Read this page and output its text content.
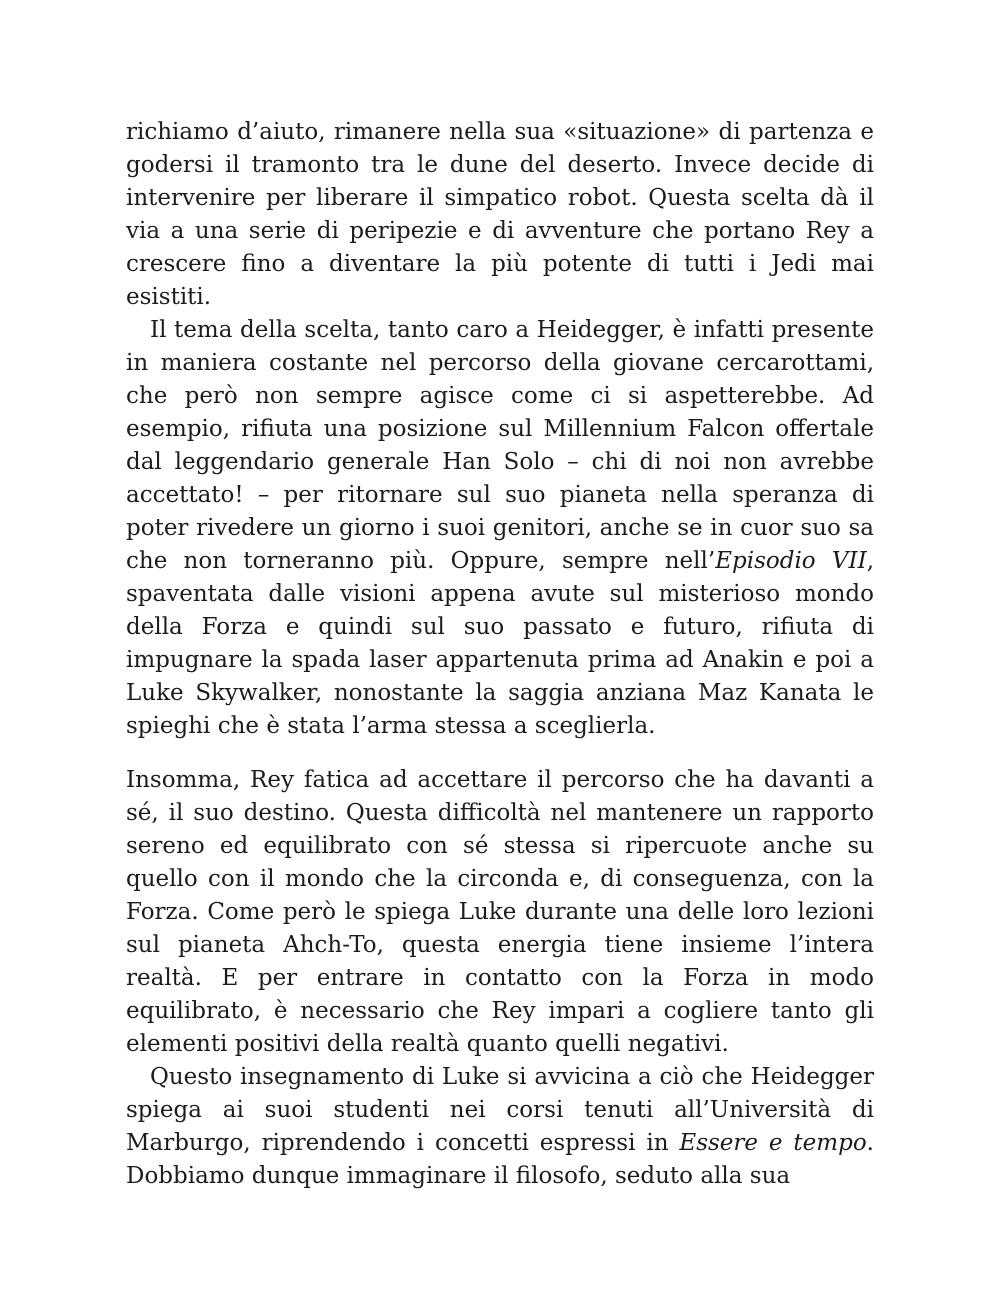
richiamo d’aiuto, rimanere nella sua «situazione» di partenza e godersi il tramonto tra le dune del deserto. Invece decide di intervenire per liberare il simpatico robot. Questa scelta dà il via a una serie di peripezie e di avventure che portano Rey a crescere fino a diventare la più potente di tutti i Jedi mai esistiti.

Il tema della scelta, tanto caro a Heidegger, è infatti presente in maniera costante nel percorso della giovane cercarottami, che però non sempre agisce come ci si aspetterebbe. Ad esempio, rifiuta una posizione sul Millennium Falcon offertale dal leggendario generale Han Solo – chi di noi non avrebbe accettato! – per ritornare sul suo pianeta nella speranza di poter rivedere un giorno i suoi genitori, anche se in cuor suo sa che non torneranno più. Oppure, sempre nell’Episodio VII, spaventata dalle visioni appena avute sul misterioso mondo della Forza e quindi sul suo passato e futuro, rifiuta di impugnare la spada laser appartenuta prima ad Anakin e poi a Luke Skywalker, nonostante la saggia anziana Maz Kanata le spieghi che è stata l’arma stessa a sceglierla.

Insomma, Rey fatica ad accettare il percorso che ha davanti a sé, il suo destino. Questa difficoltà nel mantenere un rapporto sereno ed equilibrato con sé stessa si ripercuote anche su quello con il mondo che la circonda e, di conseguenza, con la Forza. Come però le spiega Luke durante una delle loro lezioni sul pianeta Ahch-To, questa energia tiene insieme l’intera realtà. E per entrare in contatto con la Forza in modo equilibrato, è necessario che Rey impari a cogliere tanto gli elementi positivi della realtà quanto quelli negativi.

Questo insegnamento di Luke si avvicina a ciò che Heidegger spiega ai suoi studenti nei corsi tenuti all’Università di Marburgo, riprendendo i concetti espressi in Essere e tempo. Dobbiamo dunque immaginare il filosofo, seduto alla sua
